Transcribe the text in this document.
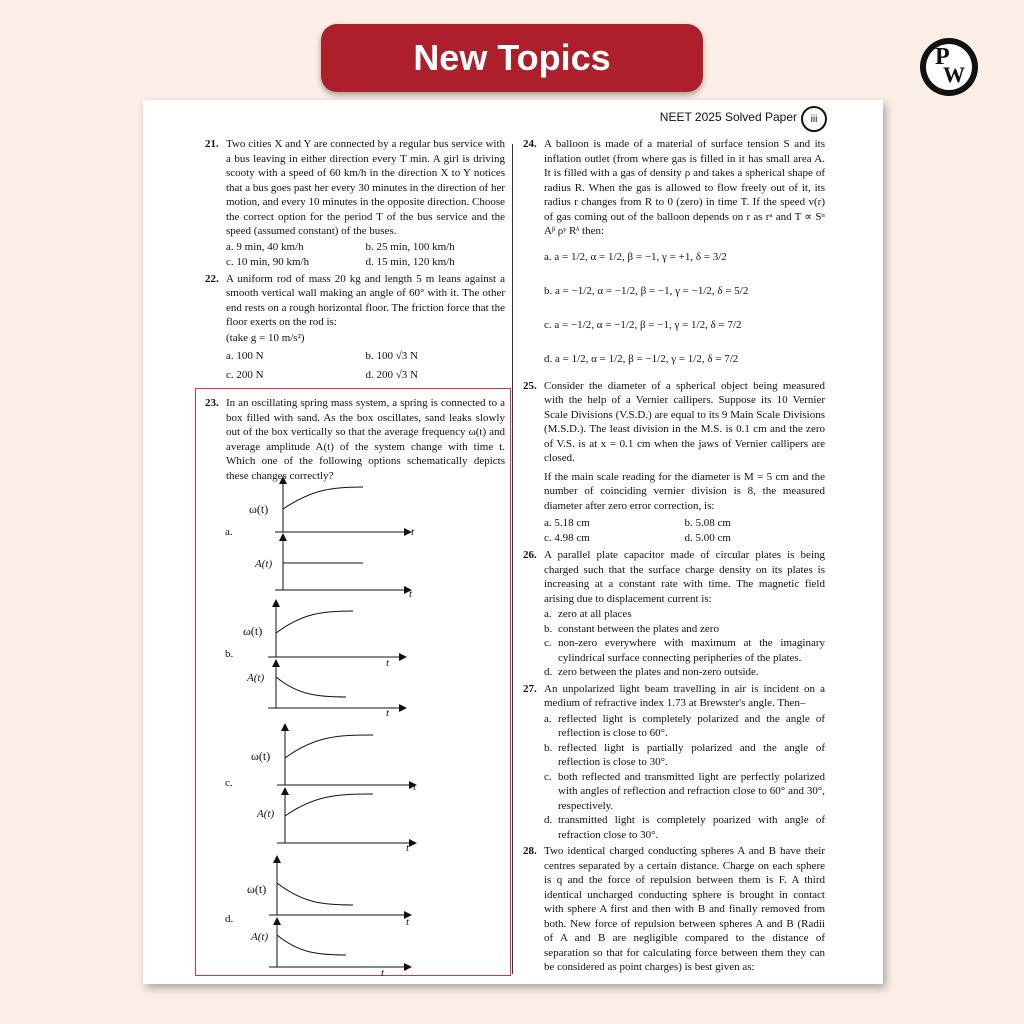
New Topics	P
W
NEET 2025 Solved Paper	iii
21. Two cities X and Y are connected by a regular bus service with a bus leaving in either direction every T min. A girl is driving scooty with a speed of 60 km/h in the direction X to Y notices that a bus goes past her every 30 minutes in the direction of her motion, and every 10 minutes in the opposite direction. Choose the correct option for the period T of the bus service and the speed (assumed constant) of the buses.
a. 9 min, 40 km/h	b. 25 min, 100 km/h
c. 10 min, 90 km/h	d. 15 min, 120 km/h
22. A uniform rod of mass 20 kg and length 5 m leans against a smooth vertical wall making an angle of 60° with it. The other end rests on a rough horizontal floor. The friction force that the floor exerts on the rod is:
(take g = 10 m/s²)
a. 100 N	b. 100 √3 N
c. 200 N	d. 200 √3 N
23. In an oscillating spring mass system, a spring is connected to a box filled with sand. As the box oscillates, sand leaks slowly out of the box vertically so that the average frequency ω(t) and average amplitude A(t) of the system change with time t. Which one of the following options schematically depicts these changes correctly?
a.
ω(t)
t
A(t)
t
b.
ω(t)
t
A(t)
t
c.
ω(t)
t
A(t)
t
d.
ω(t)
t
A(t)
t
24. A balloon is made of a material of surface tension S and its inflation outlet (from where gas is filled in it has small area A. It is filled with a gas of density ρ and takes a spherical shape of radius R. When the gas is allowed to flow freely out of it, its radius r changes from R to 0 (zero) in time T. If the speed v(r) of gas coming out of the balloon depends on r as rᵃ and T ∝ Sᵅ Aᵝ ρᵞ Rᵟ then:
a. a = 1/2, α = 1/2, β = −1, γ = +1, δ = 3/2
b. a = −1/2, α = −1/2, β = −1, γ = −1/2, δ = 5/2
c. a = −1/2, α = −1/2, β = −1, γ = 1/2, δ = 7/2
d. a = 1/2, α = 1/2, β = −1/2, γ = 1/2, δ = 7/2
25. Consider the diameter of a spherical object being measured with the help of a Vernier callipers. Suppose its 10 Vernier Scale Divisions (V.S.D.) are equal to its 9 Main Scale Divisions (M.S.D.). The least division in the M.S. is 0.1 cm and the zero of V.S. is at x = 0.1 cm when the jaws of Vernier callipers are closed.
If the main scale reading for the diameter is M = 5 cm and the number of coinciding vernier division is 8, the measured diameter after zero error correction, is:
a. 5.18 cm	b. 5.08 cm
c. 4.98 cm	d. 5.00 cm
26. A parallel plate capacitor made of circular plates is being charged such that the surface charge density on its plates is increasing at a constant rate with time. The magnetic field arising due to displacement current is:
a. zero at all places
b. constant between the plates and zero
c. non-zero everywhere with maximum at the imaginary cylindrical surface connecting peripheries of the plates.
d. zero between the plates and non-zero outside.
27. An unpolarized light beam travelling in air is incident on a medium of refractive index 1.73 at Brewster's angle. Then–
a. reflected light is completely polarized and the angle of reflection is close to 60°.
b. reflected light is partially polarized and the angle of reflection is close to 30°.
c. both reflected and transmitted light are perfectly polarized with angles of reflection and refraction close to 60° and 30°, respectively.
d. transmitted light is completely poarized with angle of refraction close to 30°.
28. Two identical charged conducting spheres A and B have their centres separated by a certain distance. Charge on each sphere is q and the force of repulsion between them is F. A third identical uncharged conducting sphere is brought in contact with sphere A first and then with B and finally removed from both. New force of repulsion between spheres A and B (Radii of A and B are negligible compared to the distance of separation so that for calculating force between them they can be considered as point charges) is best given as:
